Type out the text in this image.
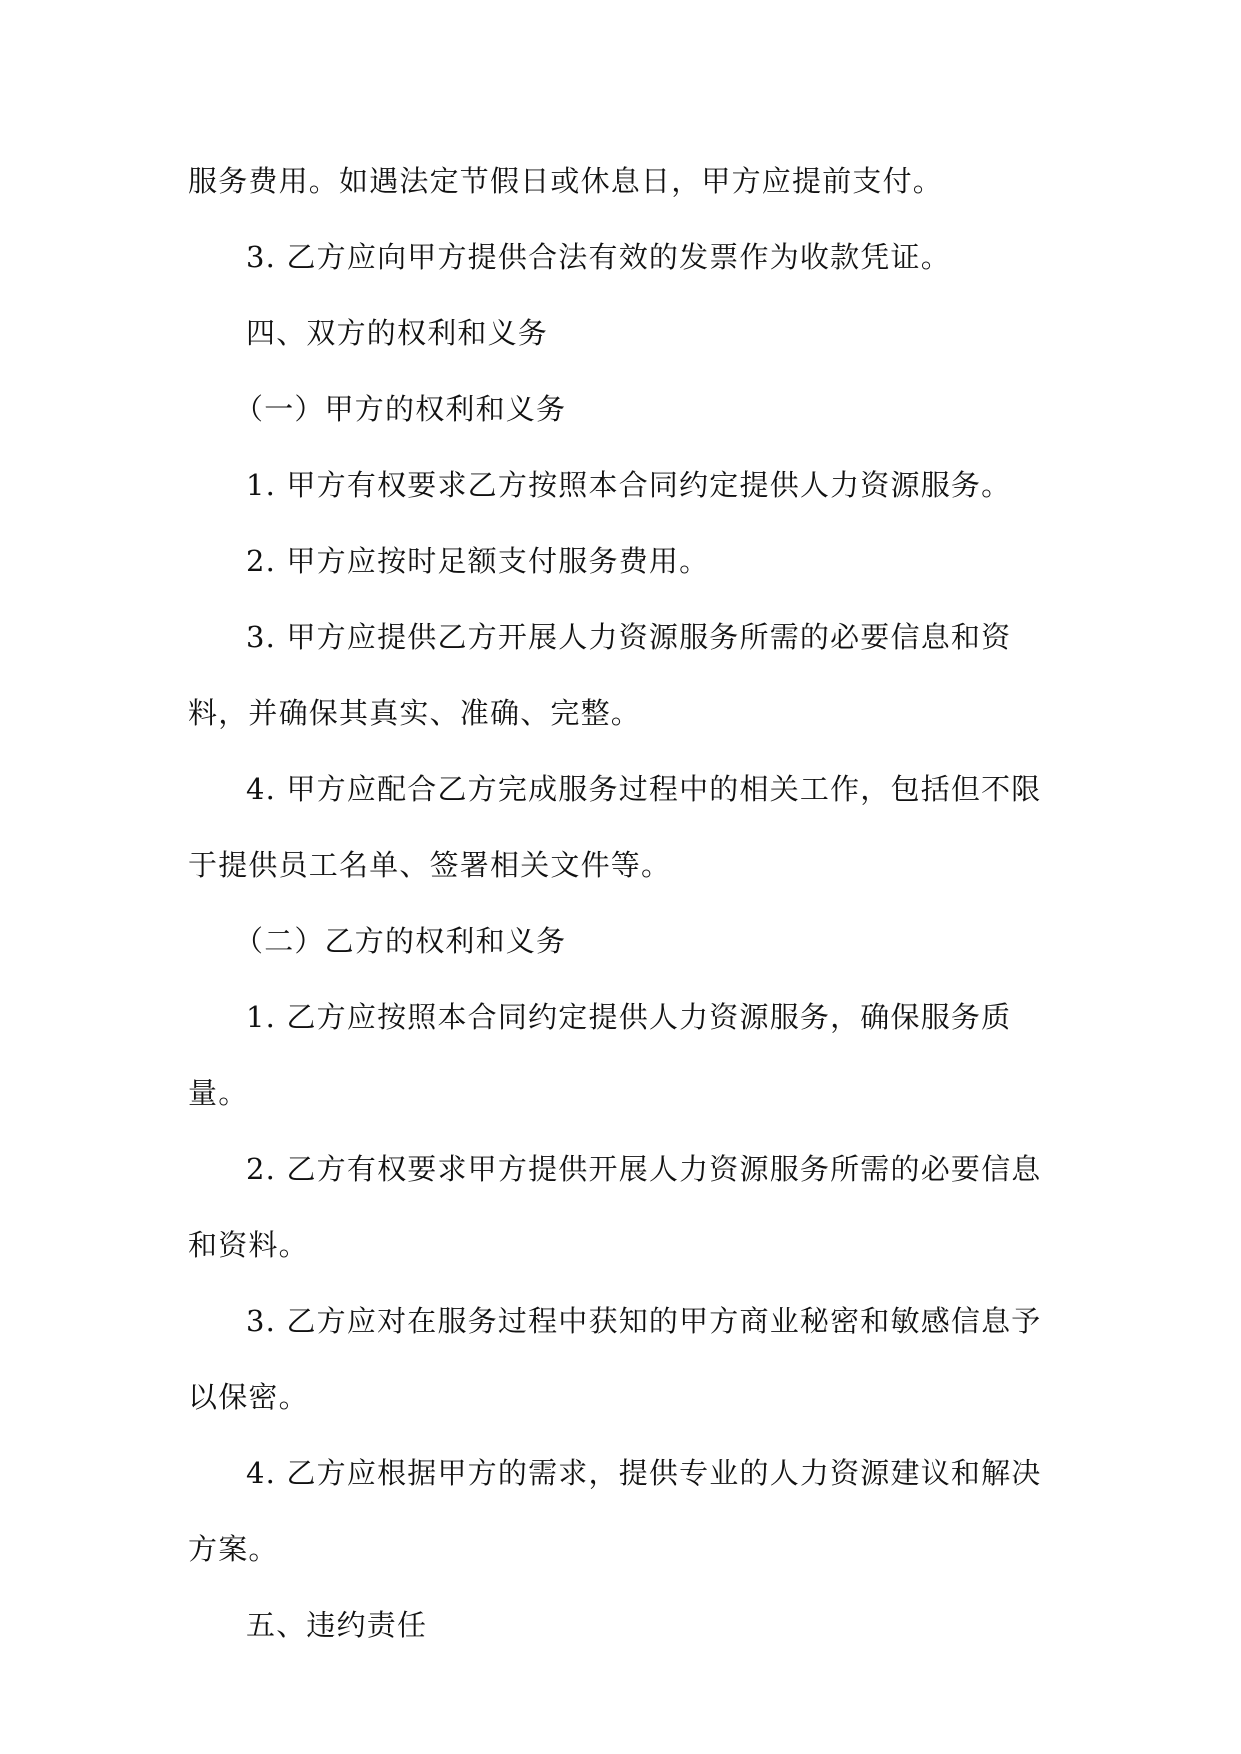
服务费用。如遇法定节假日或休息日，甲方应提前支付。

3. 乙方应向甲方提供合法有效的发票作为收款凭证。

四、双方的权利和义务

（一）甲方的权利和义务

1. 甲方有权要求乙方按照本合同约定提供人力资源服务。

2. 甲方应按时足额支付服务费用。

3. 甲方应提供乙方开展人力资源服务所需的必要信息和资料，并确保其真实、准确、完整。

4. 甲方应配合乙方完成服务过程中的相关工作，包括但不限于提供员工名单、签署相关文件等。

（二）乙方的权利和义务

1. 乙方应按照本合同约定提供人力资源服务，确保服务质量。

2. 乙方有权要求甲方提供开展人力资源服务所需的必要信息和资料。

3. 乙方应对在服务过程中获知的甲方商业秘密和敏感信息予以保密。

4. 乙方应根据甲方的需求，提供专业的人力资源建议和解决方案。

五、违约责任
